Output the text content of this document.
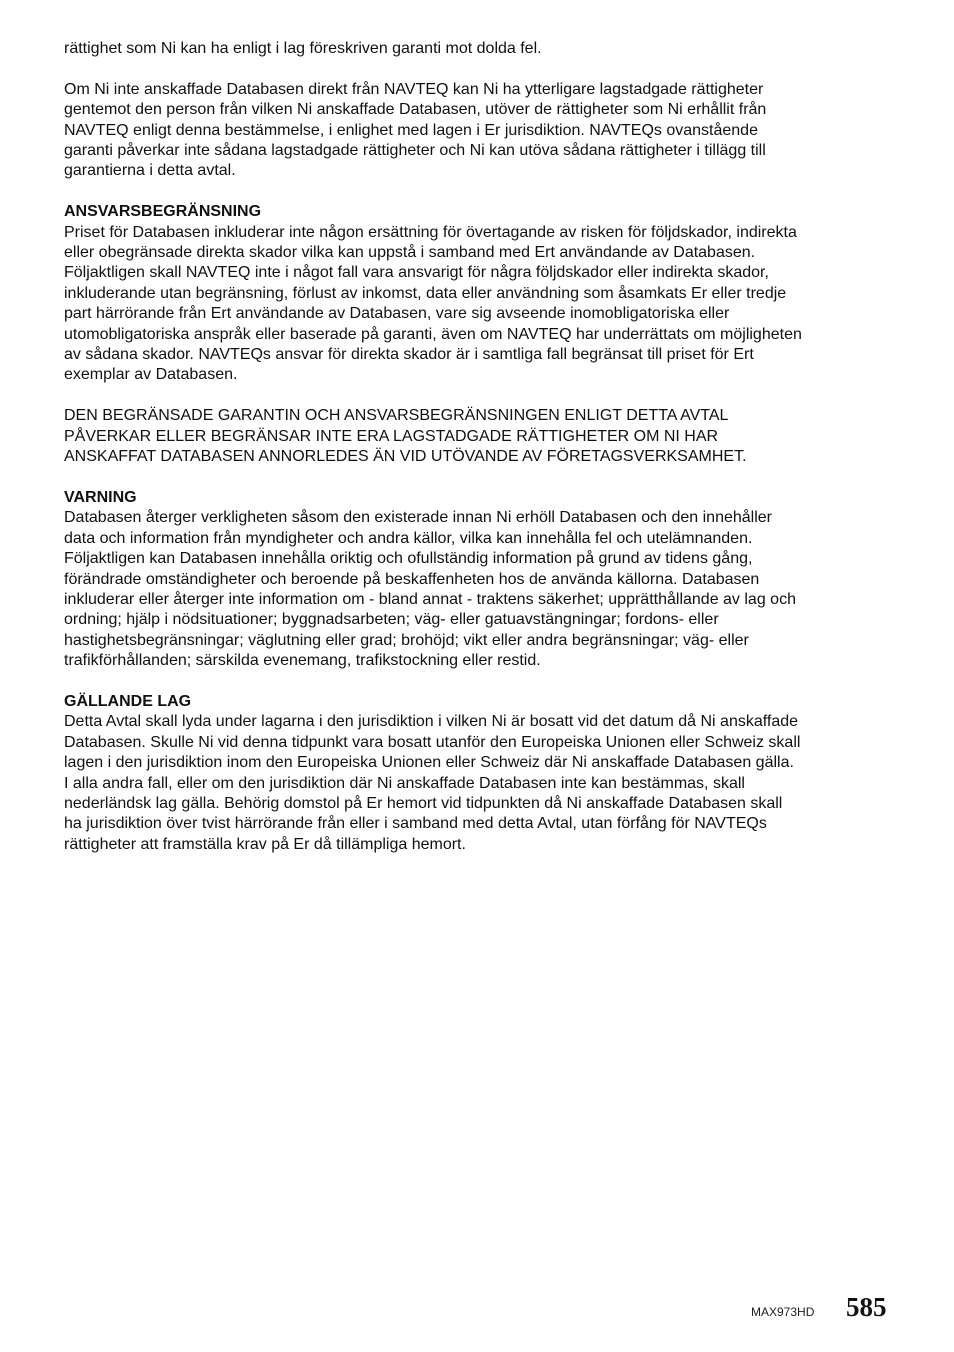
rättighet som Ni kan ha enligt i lag föreskriven garanti mot dolda fel.

Om Ni inte anskaffade Databasen direkt från NAVTEQ kan Ni ha ytterligare lagstadgade rättigheter
gentemot den person från vilken Ni anskaffade Databasen, utöver de rättigheter som Ni erhållit från
NAVTEQ enligt denna bestämmelse, i enlighet med lagen i Er jurisdiktion. NAVTEQs ovanstående
garanti påverkar inte sådana lagstadgade rättigheter och Ni kan utöva sådana rättigheter i tillägg till
garantierna i detta avtal.

ANSVARSBEGRÄNSNING

Priset för Databasen inkluderar inte någon ersättning för övertagande av risken för följdskador, indirekta
eller obegränsade direkta skador vilka kan uppstå i samband med Ert användande av Databasen.
Följaktligen skall NAVTEQ inte i något fall vara ansvarigt för några följdskador eller indirekta skador,
inkluderande utan begränsning, förlust av inkomst, data eller användning som åsamkats Er eller tredje
part härrörande från Ert användande av Databasen, vare sig avseende inomobligatoriska eller
utomobligatoriska anspråk eller baserade på garanti, även om NAVTEQ har underrättats om möjligheten
av sådana skador. NAVTEQs ansvar för direkta skador är i samtliga fall begränsat till priset för Ert
exemplar av Databasen.

DEN BEGRÄNSADE GARANTIN OCH ANSVARSBEGRÄNSNINGEN ENLIGT DETTA AVTAL
PÅVERKAR ELLER BEGRÄNSAR INTE ERA LAGSTADGADE RÄTTIGHETER OM NI HAR
ANSKAFFAT DATABASEN ANNORLEDES ÄN VID UTÖVANDE AV FÖRETAGSVERKSAMHET.

VARNING

Databasen återger verkligheten såsom den existerade innan Ni erhöll Databasen och den innehåller
data och information från myndigheter och andra källor, vilka kan innehålla fel och utelämnanden.
Följaktligen kan Databasen innehålla oriktig och ofullständig information på grund av tidens gång,
förändrade omständigheter och beroende på beskaffenheten hos de använda källorna. Databasen
inkluderar eller återger inte information om - bland annat - traktens säkerhet; upprätthållande av lag och
ordning; hjälp i nödsituationer; byggnadsarbeten; väg- eller gatuavstängningar; fordons- eller
hastighetsbegränsningar; väglutning eller grad; brohöjd; vikt eller andra begränsningar; väg- eller
trafikförhållanden; särskilda evenemang, trafikstockning eller restid.

GÄLLANDE LAG

Detta Avtal skall lyda under lagarna i den jurisdiktion i vilken Ni är bosatt vid det datum då Ni anskaffade
Databasen. Skulle Ni vid denna tidpunkt vara bosatt utanför den Europeiska Unionen eller Schweiz skall
lagen i den jurisdiktion inom den Europeiska Unionen eller Schweiz där Ni anskaffade Databasen gälla.
I alla andra fall, eller om den jurisdiktion där Ni anskaffade Databasen inte kan bestämmas, skall
nederländsk lag gälla. Behörig domstol på Er hemort vid tidpunkten då Ni anskaffade Databasen skall
ha jurisdiktion över tvist härrörande från eller i samband med detta Avtal, utan förfång för NAVTEQs
rättigheter att framställa krav på Er då tillämpliga hemort.

MAX973HD 585
